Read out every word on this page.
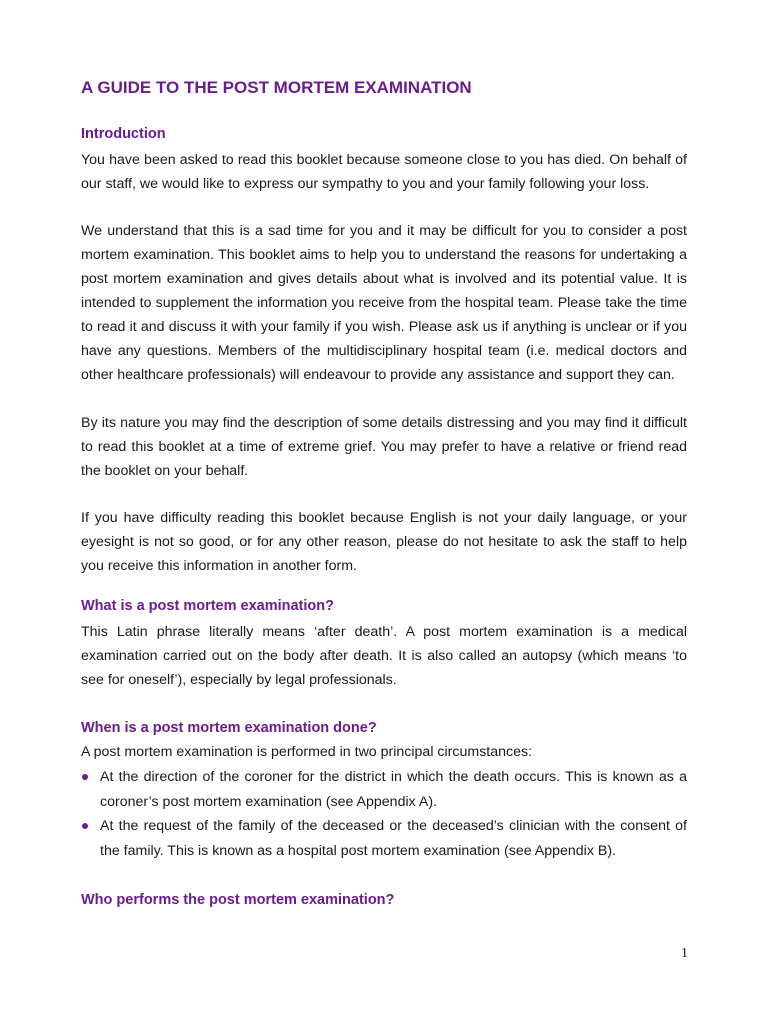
A GUIDE TO THE POST MORTEM EXAMINATION
Introduction

You have been asked to read this booklet because someone close to you has died. On behalf of our staff, we would like to express our sympathy to you and your family following your loss.

We understand that this is a sad time for you and it may be difficult for you to consider a post mortem examination. This booklet aims to help you to understand the reasons for undertaking a post mortem examination and gives details about what is involved and its potential value. It is intended to supplement the information you receive from the hospital team. Please take the time to read it and discuss it with your family if you wish. Please ask us if anything is unclear or if you have any questions. Members of the multidisciplinary hospital team (i.e. medical doctors and other healthcare professionals) will endeavour to provide any assistance and support they can.

By its nature you may find the description of some details distressing and you may find it difficult to read this booklet at a time of extreme grief. You may prefer to have a relative or friend read the booklet on your behalf.

If you have difficulty reading this booklet because English is not your daily language, or your eyesight is not so good, or for any other reason, please do not hesitate to ask the staff to help you receive this information in another form.

What is a post mortem examination?

This Latin phrase literally means ‘after death’. A post mortem examination is a medical examination carried out on the body after death. It is also called an autopsy (which means ‘to see for oneself’), especially by legal professionals.

When is a post mortem examination done?

A post mortem examination is performed in two principal circumstances:

At the direction of the coroner for the district in which the death occurs. This is known as a coroner’s post mortem examination (see Appendix A).
At the request of the family of the deceased or the deceased’s clinician with the consent of the family. This is known as a hospital post mortem examination (see Appendix B).
Who performs the post mortem examination?
1
